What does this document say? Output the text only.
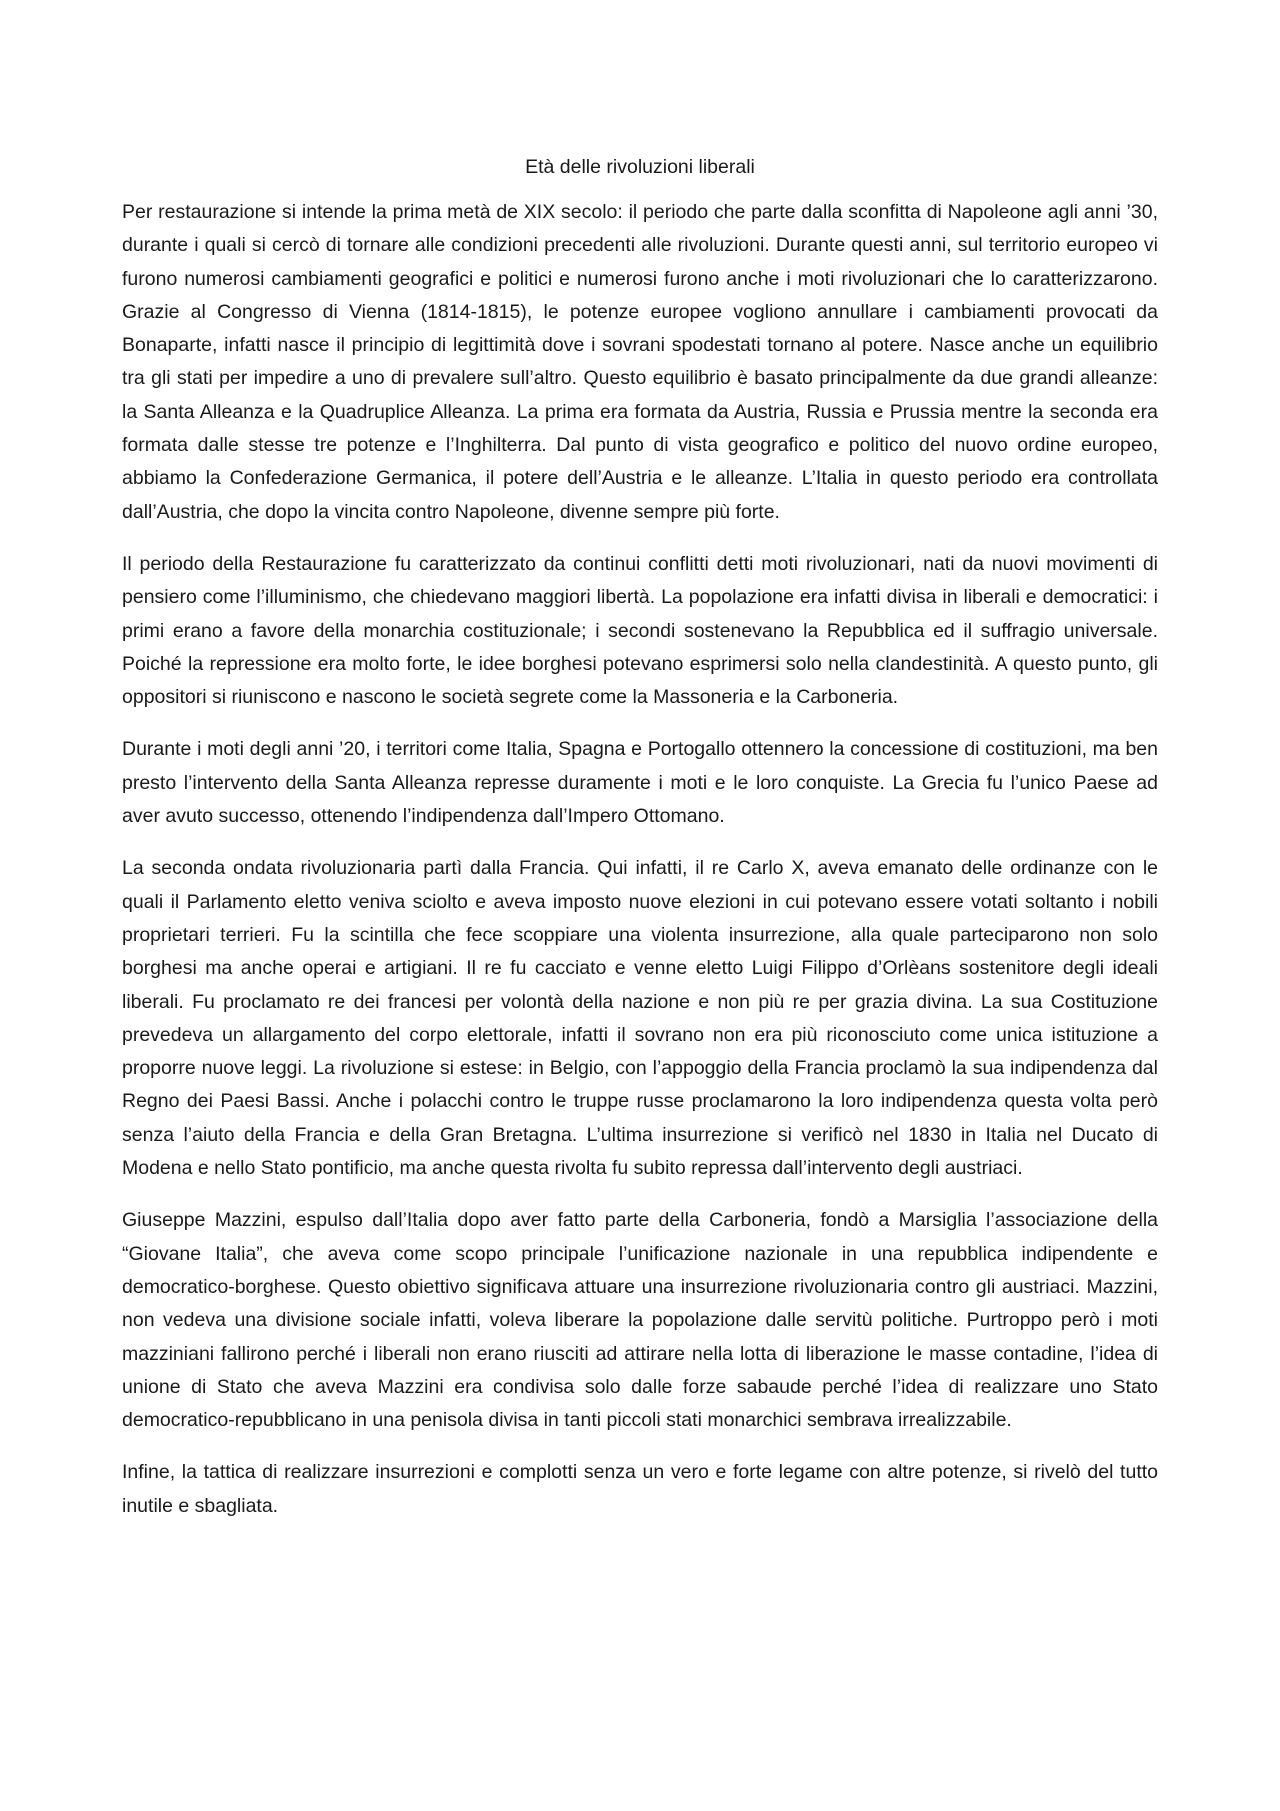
Età delle rivoluzioni liberali

Per restaurazione si intende la prima metà de XIX secolo: il periodo che parte dalla sconfitta di Napoleone agli anni ’30, durante i quali si cercò di tornare alle condizioni precedenti alle rivoluzioni. Durante questi anni, sul territorio europeo vi furono numerosi cambiamenti geografici e politici e numerosi furono anche i moti rivoluzionari che lo caratterizzarono. Grazie al Congresso di Vienna (1814-1815), le potenze europee vogliono annullare i cambiamenti provocati da Bonaparte, infatti nasce il principio di legittimità dove i sovrani spodestati tornano al potere. Nasce anche un equilibrio tra gli stati per impedire a uno di prevalere sull’altro. Questo equilibrio è basato principalmente da due grandi alleanze: la Santa Alleanza e la Quadruplice Alleanza. La prima era formata da Austria, Russia e Prussia mentre la seconda era formata dalle stesse tre potenze e l’Inghilterra. Dal punto di vista geografico e politico del nuovo ordine europeo, abbiamo la Confederazione Germanica, il potere dell’Austria e le alleanze. L’Italia in questo periodo era controllata dall’Austria, che dopo la vincita contro Napoleone, divenne sempre più forte.

Il periodo della Restaurazione fu caratterizzato da continui conflitti detti moti rivoluzionari, nati da nuovi movimenti di pensiero come l’illuminismo, che chiedevano maggiori libertà. La popolazione era infatti divisa in liberali e democratici: i primi erano a favore della monarchia costituzionale; i secondi sostenevano la Repubblica ed il suffragio universale. Poiché la repressione era molto forte, le idee borghesi potevano esprimersi solo nella clandestinità. A questo punto, gli oppositori si riuniscono e nascono le società segrete come la Massoneria e la Carboneria.

Durante i moti degli anni ’20, i territori come Italia, Spagna e Portogallo ottennero la concessione di costituzioni, ma ben presto l’intervento della Santa Alleanza represse duramente i moti e le loro conquiste. La Grecia fu l’unico Paese ad aver avuto successo, ottenendo l’indipendenza dall’Impero Ottomano.

La seconda ondata rivoluzionaria partì dalla Francia. Qui infatti, il re Carlo X, aveva emanato delle ordinanze con le quali il Parlamento eletto veniva sciolto e aveva imposto nuove elezioni in cui potevano essere votati soltanto i nobili proprietari terrieri. Fu la scintilla che fece scoppiare una violenta insurrezione, alla quale parteciparono non solo borghesi ma anche operai e artigiani. Il re fu cacciato e venne eletto Luigi Filippo d’Orlèans sostenitore degli ideali liberali. Fu proclamato re dei francesi per volontà della nazione e non più re per grazia divina. La sua Costituzione prevedeva un allargamento del corpo elettorale, infatti il sovrano non era più riconosciuto come unica istituzione a proporre nuove leggi. La rivoluzione si estese: in Belgio, con l’appoggio della Francia proclamò la sua indipendenza dal Regno dei Paesi Bassi. Anche i polacchi contro le truppe russe proclamarono la loro indipendenza questa volta però senza l’aiuto della Francia e della Gran Bretagna. L’ultima insurrezione si verificò nel 1830 in Italia nel Ducato di Modena e nello Stato pontificio, ma anche questa rivolta fu subito repressa dall’intervento degli austriaci.

Giuseppe Mazzini, espulso dall’Italia dopo aver fatto parte della Carboneria, fondò a Marsiglia l’associazione della “Giovane Italia”, che aveva come scopo principale l’unificazione nazionale in una repubblica indipendente e democratico-borghese. Questo obiettivo significava attuare una insurrezione rivoluzionaria contro gli austriaci. Mazzini, non vedeva una divisione sociale infatti, voleva liberare la popolazione dalle servitù politiche. Purtroppo però i moti mazziniani fallirono perché i liberali non erano riusciti ad attirare nella lotta di liberazione le masse contadine, l’idea di unione di Stato che aveva Mazzini era condivisa solo dalle forze sabaude perché l’idea di realizzare uno Stato democratico-repubblicano in una penisola divisa in tanti piccoli stati monarchici sembrava irrealizzabile.

Infine, la tattica di realizzare insurrezioni e complotti senza un vero e forte legame con altre potenze, si rivelò del tutto inutile e sbagliata.
